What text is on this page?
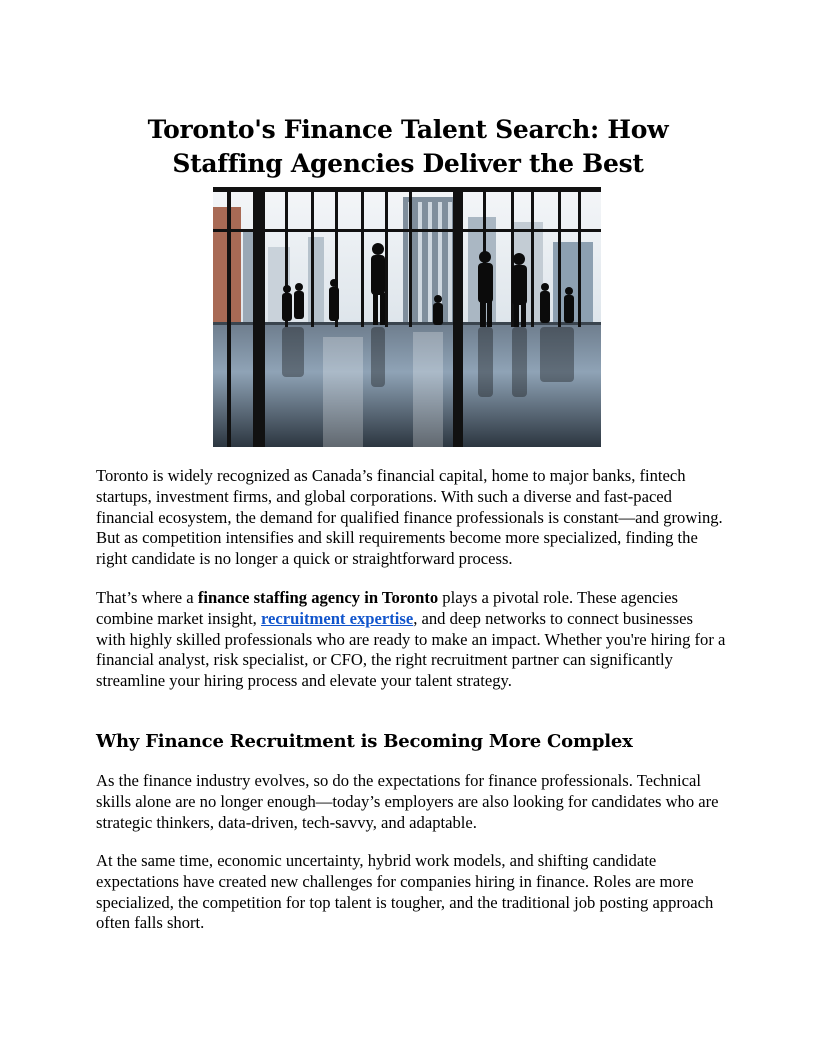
Toronto's Finance Talent Search: How Staffing Agencies Deliver the Best

Toronto is widely recognized as Canada’s financial capital, home to major banks, fintech startups, investment firms, and global corporations. With such a diverse and fast-paced financial ecosystem, the demand for qualified finance professionals is constant—and growing. But as competition intensifies and skill requirements become more specialized, finding the right candidate is no longer a quick or straightforward process.

That’s where a finance staffing agency in Toronto plays a pivotal role. These agencies combine market insight, recruitment expertise, and deep networks to connect businesses with highly skilled professionals who are ready to make an impact. Whether you're hiring for a financial analyst, risk specialist, or CFO, the right recruitment partner can significantly streamline your hiring process and elevate your talent strategy.

Why Finance Recruitment is Becoming More Complex

As the finance industry evolves, so do the expectations for finance professionals. Technical skills alone are no longer enough—today’s employers are also looking for candidates who are strategic thinkers, data-driven, tech-savvy, and adaptable.

At the same time, economic uncertainty, hybrid work models, and shifting candidate expectations have created new challenges for companies hiring in finance. Roles are more specialized, the competition for top talent is tougher, and the traditional job posting approach often falls short.
